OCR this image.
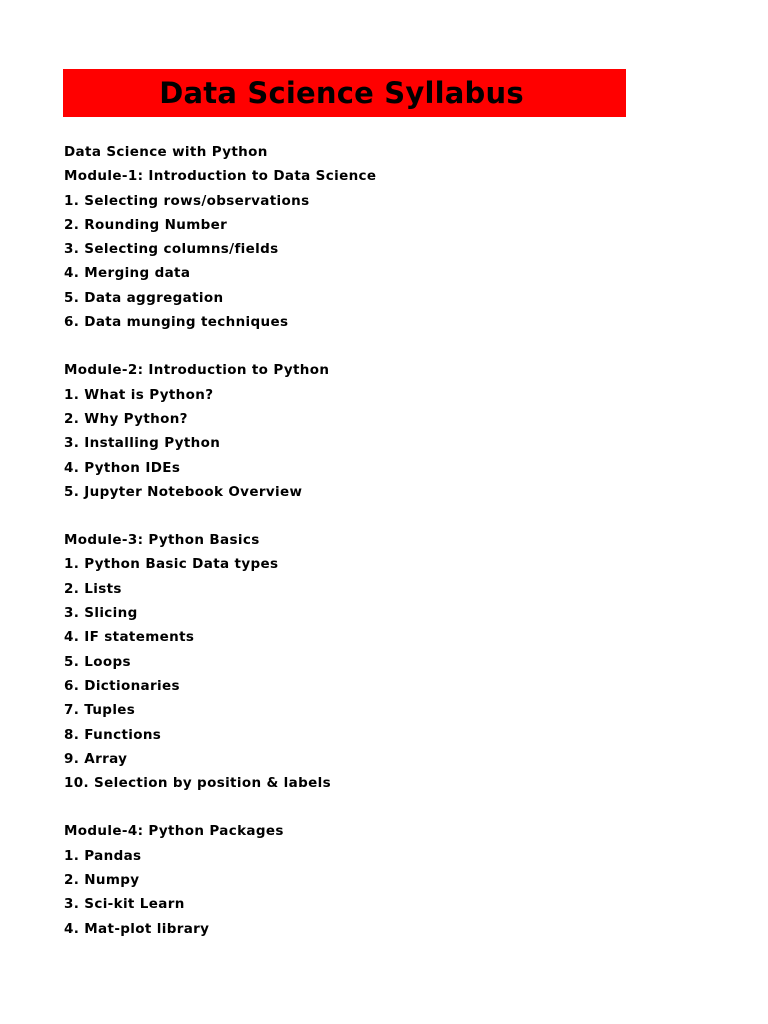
Data Science Syllabus
Data Science with Python
Module-1: Introduction to Data Science
1. Selecting rows/observations
2. Rounding Number
3. Selecting columns/fields
4. Merging data
5. Data aggregation
6. Data munging techniques
Module-2: Introduction to Python
1. What is Python?
2. Why Python?
3. Installing Python
4. Python IDEs
5. Jupyter Notebook Overview
Module-3: Python Basics
1. Python Basic Data types
2. Lists
3. Slicing
4. IF statements
5. Loops
6. Dictionaries
7. Tuples
8. Functions
9. Array
10. Selection by position & labels
Module-4: Python Packages
1. Pandas
2. Numpy
3. Sci-kit Learn
4. Mat-plot library
